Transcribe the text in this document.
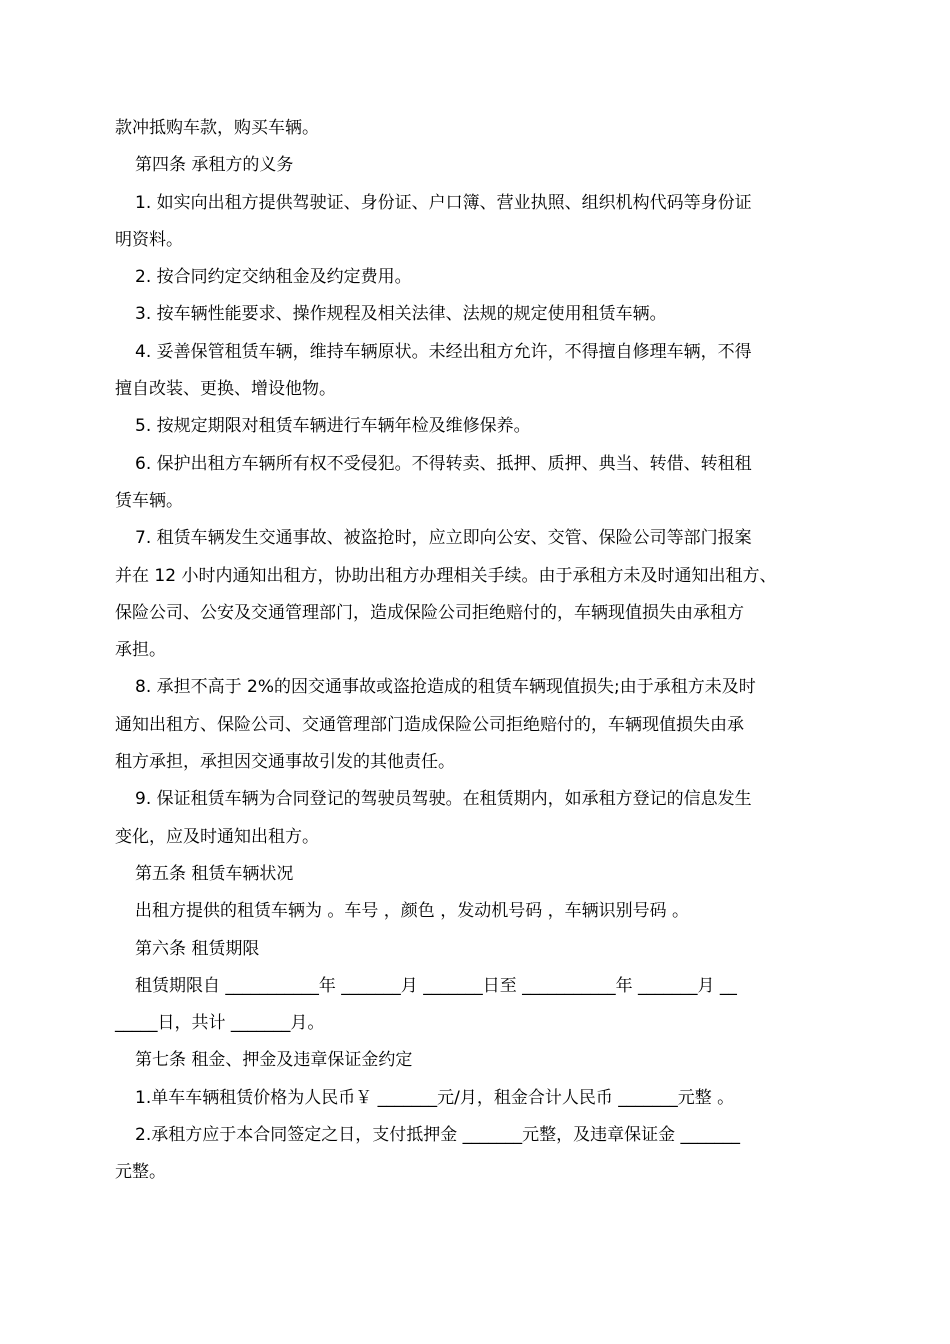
款冲抵购车款，购买车辆。

第四条 承租方的义务

1. 如实向出租方提供驾驶证、身份证、户口簿、营业执照、组织机构代码等身份证

明资料。

2. 按合同约定交纳租金及约定费用。

3. 按车辆性能要求、操作规程及相关法律、法规的规定使用租赁车辆。

4. 妥善保管租赁车辆，维持车辆原状。未经出租方允许，不得擅自修理车辆，不得

擅自改装、更换、增设他物。

5. 按规定期限对租赁车辆进行车辆年检及维修保养。

6. 保护出租方车辆所有权不受侵犯。不得转卖、抵押、质押、典当、转借、转租租

赁车辆。

7. 租赁车辆发生交通事故、被盗抢时，应立即向公安、交管、保险公司等部门报案

并在 12 小时内通知出租方，协助出租方办理相关手续。由于承租方未及时通知出租方、

保险公司、公安及交通管理部门，造成保险公司拒绝赔付的，车辆现值损失由承租方

承担。

8. 承担不高于 2%的因交通事故或盗抢造成的租赁车辆现值损失;由于承租方未及时

通知出租方、保险公司、交通管理部门造成保险公司拒绝赔付的，车辆现值损失由承

租方承担，承担因交通事故引发的其他责任。

9. 保证租赁车辆为合同登记的驾驶员驾驶。在租赁期内，如承租方登记的信息发生

变化，应及时通知出租方。

第五条 租赁车辆状况

出租方提供的租赁车辆为 。车号 ，颜色 ，发动机号码 ，车辆识别号码 。

第六条 租赁期限

租赁期限自 ___________年 _______月 _______日至 ___________年 _______月 __

_____日，共计 _______月。

第七条 租金、押金及违章保证金约定

1.单车车辆租赁价格为人民币￥ _______元/月，租金合计人民币 _______元整 。

2.承租方应于本合同签定之日，支付抵押金 _______元整，及违章保证金 _______

元整。
